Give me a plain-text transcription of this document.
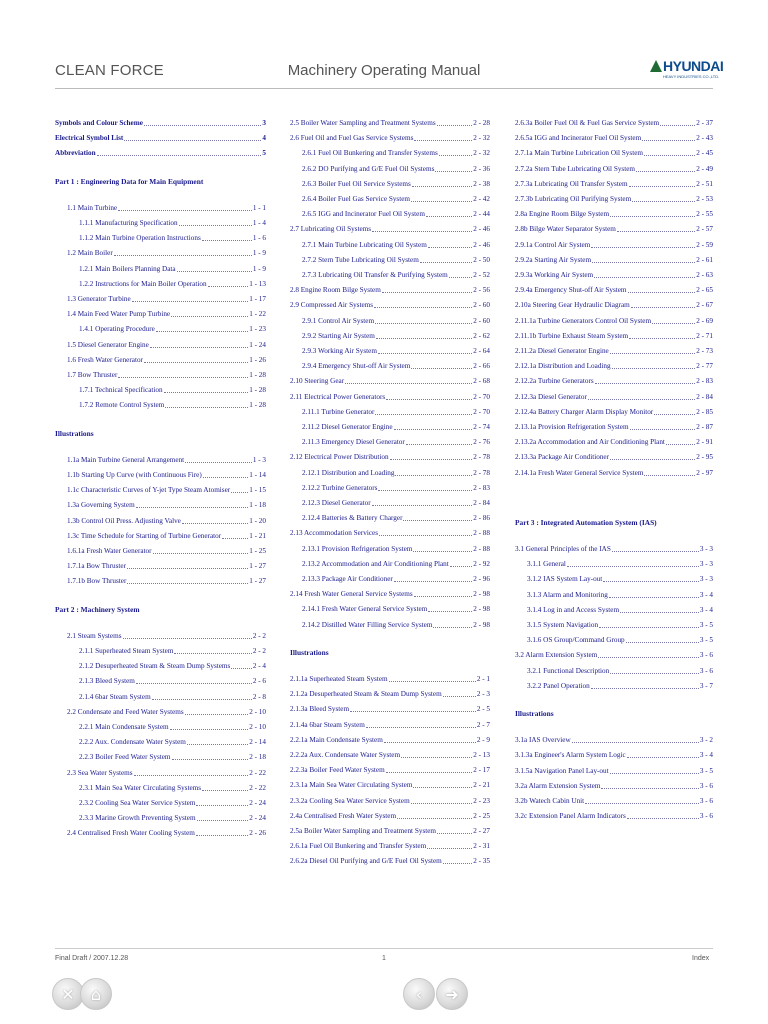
CLEAN FORCE	Machinery Operating Manual	HYUNDAI
HEAVY INDUSTRIES CO.,LTD.
Symbols and Colour Scheme	3
Electrical Symbol List	4
Abbreviation	5
Part 1 : Engineering Data for Main Equipment
1.1 Main Turbine	1 - 1
1.1.1 Manufacturing Specification	1 - 4
1.1.2 Main Turbine Operation Instructions	1 - 6
1.2 Main Boiler	1 - 9
1.2.1 Main Boilers Planning Data	1 - 9
1.2.2 Instructions for Main Boiler Operation	1 - 13
1.3 Generator Turbine	1 - 17
1.4 Main Feed Water Pump Turbine	1 - 22
1.4.1 Operating Procedure	1 - 23
1.5 Diesel Generator Engine	1 - 24
1.6 Fresh Water Generator	1 - 26
1.7 Bow Thruster	1 - 28
1.7.1 Technical Specification	1 - 28
1.7.2 Remote Control System	1 - 28
Illustrations
1.1a Main Turbine General Arrangement	1 - 3
1.1b Starting Up Curve (with Continuous Fire)	1 - 14
1.1c Characteristic Curves of Y-jet Type Steam Atomiser	1 - 15
1.3a Governing System	1 - 18
1.3b Control Oil Press. Adjusting Valve	1 - 20
1.3c Time Schedule for Starting of Turbine Generator	1 - 21
1.6.1a Fresh Water Generator	1 - 25
1.7.1a Bow Thruster	1 - 27
1.7.1b Bow Thruster	1 - 27
Part 2 : Machinery System
2.1 Steam Systems	2 - 2
2.1.1 Superheated Steam System	2 - 2
2.1.2 Desuperheated Steam & Steam Dump Systems	2 - 4
2.1.3 Bleed System	2 - 6
2.1.4 6bar Steam System	2 - 8
2.2 Condensate and Feed Water Systems	2 - 10
2.2.1 Main Condensate System	2 - 10
2.2.2 Aux. Condensate Water System	2 - 14
2.2.3 Boiler Feed Water System	2 - 18
2.3 Sea Water Systems	2 - 22
2.3.1 Main Sea Water Circulating Systems	2 - 22
2.3.2 Cooling Sea Water Service System	2 - 24
2.3.3 Marine Growth Preventing System	2 - 24
2.4 Centralised Fresh Water Cooling System	2 - 26
2.5 Boiler Water Sampling and Treatment Systems	2 - 28
2.6 Fuel Oil and Fuel Gas Service Systems	2 - 32
2.6.1 Fuel Oil Bunkering and Transfer Systems	2 - 32
2.6.2 DO Purifying and G/E Fuel Oil Systems	2 - 36
2.6.3 Boiler Fuel Oil Service Systems	2 - 38
2.6.4 Boiler Fuel Gas Service System	2 - 42
2.6.5 IGG and Incinerator Fuel Oil System	2 - 44
2.7 Lubricating Oil Systems	2 - 46
2.7.1 Main Turbine Lubricating Oil System	2 - 46
2.7.2 Stern Tube Lubricating Oil System	2 - 50
2.7.3 Lubricating Oil Transfer & Purifying System	2 - 52
2.8 Engine Room Bilge System	2 - 56
2.9 Compressed Air Systems	2 - 60
2.9.1 Control Air System	2 - 60
2.9.2 Starting Air System	2 - 62
2.9.3 Working Air System	2 - 64
2.9.4 Emergency Shut-off Air System	2 - 66
2.10 Steering Gear	2 - 68
2.11 Electrical Power Generators	2 - 70
2.11.1 Turbine Generator	2 - 70
2.11.2 Diesel Generator Engine	2 - 74
2.11.3 Emergency Diesel Generator	2 - 76
2.12 Electrical Power Distribution	2 - 78
2.12.1 Distribution and Loading	2 - 78
2.12.2 Turbine Generators	2 - 83
2.12.3 Diesel Generator	2 - 84
2.12.4 Batteries & Battery Charger	2 - 86
2.13 Accommodation Services	2 - 88
2.13.1 Provision Refrigeration System	2 - 88
2.13.2 Accommodation and Air Conditioning Plant	2 - 92
2.13.3 Package Air Conditioner	2 - 96
2.14 Fresh Water General Service Systems	2 - 98
2.14.1 Fresh Water General Service System	2 - 98
2.14.2 Distilled Water Filling Service System	2 - 98
Illustrations
2.1.1a Superheated Steam System	2 - 1
2.1.2a Desuperheated Steam & Steam Dump System	2 - 3
2.1.3a Bleed System	2 - 5
2.1.4a 6bar Steam System	2 - 7
2.2.1a Main Condensate System	2 - 9
2.2.2a Aux. Condensate Water System	2 - 13
2.2.3a Boiler Feed Water System	2 - 17
2.3.1a Main Sea Water Circulating System	2 - 21
2.3.2a Cooling Sea Water Service System	2 - 23
2.4a Centralised Fresh Water System	2 - 25
2.5a Boiler Water Sampling and Treatment System	2 - 27
2.6.1a Fuel Oil Bunkering and Transfer System	2 - 31
2.6.2a Diesel Oil Purifying and G/E Fuel Oil System	2 - 35
2.6.3a Boiler Fuel Oil & Fuel Gas Service System	2 - 37
2.6.5a IGG and Incinerator Fuel Oil System	2 - 43
2.7.1a Main Turbine Lubrication Oil System	2 - 45
2.7.2a Stern Tube Lubricating Oil System	2 - 49
2.7.3a Lubricating Oil Transfer System	2 - 51
2.7.3b Lubricating Oil Purifying System	2 - 53
2.8a Engine Room Bilge System	2 - 55
2.8b Bilge Water Separator System	2 - 57
2.9.1a Control Air System	2 - 59
2.9.2a Starting Air System	2 - 61
2.9.3a Working Air System	2 - 63
2.9.4a Emergency Shut-off Air System	2 - 65
2.10a Steering Gear Hydraulic Diagram	2 - 67
2.11.1a Turbine Generators Control Oil System	2 - 69
2.11.1b Turbine Exhaust Steam System	2 - 71
2.11.2a Diesel Generator Engine	2 - 73
2.12.1a Distribution and Loading	2 - 77
2.12.2a Turbine Generators	2 - 83
2.12.3a Diesel Generator	2 - 84
2.12.4a Battery Charger Alarm Display Monitor	2 - 85
2.13.1a Provision Refrigeration System	2 - 87
2.13.2a Accommodation and Air Conditioning Plant	2 - 91
2.13.3a Package Air Conditioner	2 - 95
2.14.1a Fresh Water General Service System	2 - 97
Part 3 : Integrated Automation System (IAS)
3.1 General Principles of the IAS	3 - 3
3.1.1 General	3 - 3
3.1.2 IAS System Lay-out	3 - 3
3.1.3 Alarm and Monitoring	3 - 4
3.1.4 Log in and Access System	3 - 4
3.1.5 System Navigation	3 - 5
3.1.6 OS Group/Command Group	3 - 5
3.2 Alarm Extension System	3 - 6
3.2.1 Functional Description	3 - 6
3.2.2 Panel Operation	3 - 7
Illustrations
3.1a IAS Overview	3 - 2
3.1.3a Engineer's Alarm System Logic	3 - 4
3.1.5a Navigation Panel Lay-out	3 - 5
3.2a Alarm Extension System	3 - 6
3.2b Watech Cabin Unit	3 - 6
3.2c Extension Panel Alarm Indicators	3 - 6
Final Draft / 2007.12.28	1	Index
✕ ⌂	‹ ➜
